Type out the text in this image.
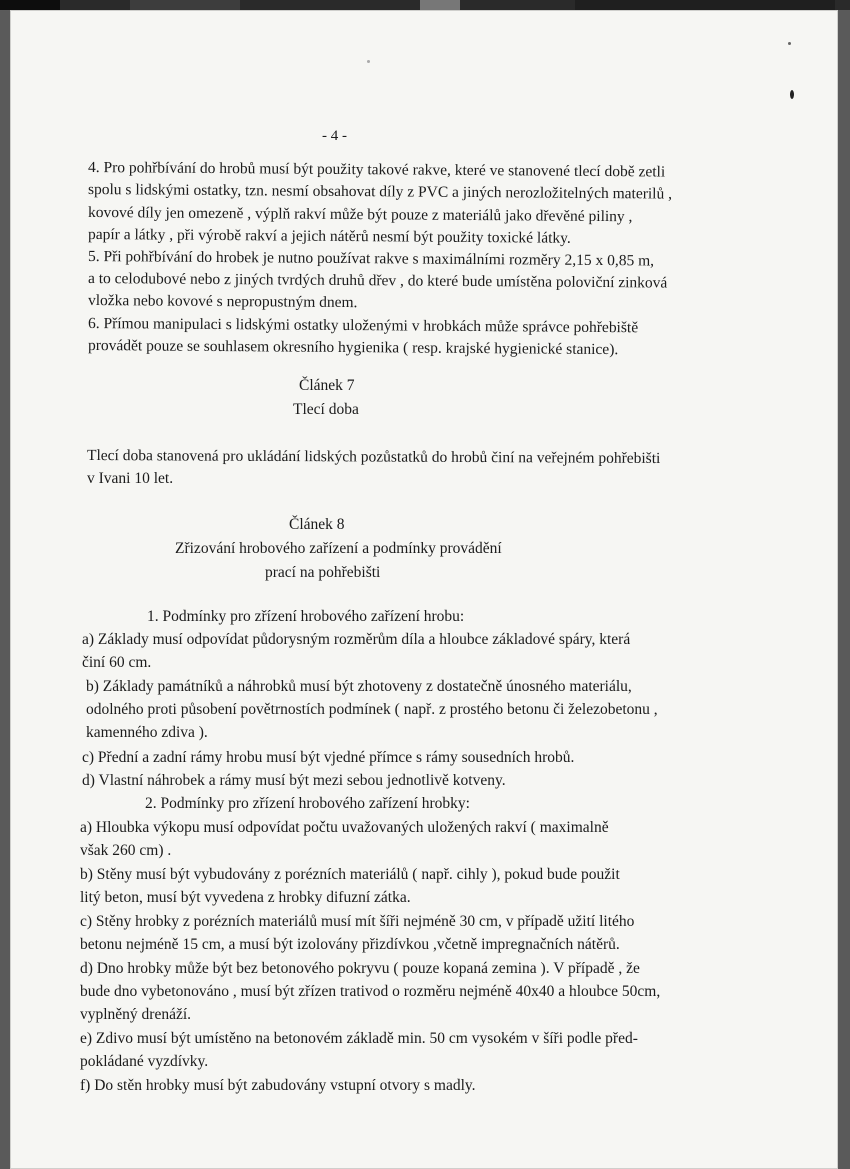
- 4 -
4. Pro pohřbívání do hrobů musí být použity takové rakve, které ve stanovené tlecí době zetli
spolu s lidskými ostatky, tzn. nesmí obsahovat díly z PVC a jiných nerozložitelných materilů ,
kovové díly jen omezeně , výplň rakví může být pouze z materiálů jako dřevěné piliny ,
papír a látky , při výrobě rakví a jejich nátěrů nesmí být použity toxické látky.
5. Při pohřbívání do hrobek je nutno používat rakve s maximálními rozměry 2,15 x 0,85 m,
a to celodubové nebo z jiných tvrdých druhů dřev , do které bude umístěna poloviční zinková
vložka nebo kovové s nepropustným dnem.
6. Přímou manipulaci s lidskými ostatky uloženými v hrobkách může správce pohřebiště
provádět pouze se souhlasem okresního hygienika ( resp. krajské hygienické stanice).
Článek 7
Tlecí doba
Tlecí doba stanovená pro ukládání lidských pozůstatků do hrobů činí na veřejném pohřebišti
v Ivani 10 let.
Článek 8
Zřizování hrobového zařízení a podmínky provádění
prací na pohřebišti
1. Podmínky pro zřízení hrobového zařízení hrobu:
a) Základy musí odpovídat půdorysným rozměrům díla a hloubce základové spáry, která
činí 60 cm.
b) Základy památníků a náhrobků musí být zhotoveny z dostatečně únosného materiálu,
odolného proti působení povětrnostích podmínek ( např. z prostého betonu či železobetonu ,
kamenného zdiva ).
c) Přední a zadní rámy hrobu musí být vjedné přímce s rámy sousedních hrobů.
d) Vlastní náhrobek a rámy musí být mezi sebou jednotlivě kotveny.
2. Podmínky pro zřízení hrobového zařízení hrobky:
a) Hloubka výkopu musí odpovídat počtu uvažovaných uložených rakví ( maximalně
však 260 cm) .
b) Stěny musí být vybudovány z porézních materiálů ( např. cihly ), pokud bude použit
litý beton, musí být vyvedena z hrobky difuzní zátka.
c) Stěny hrobky z porézních materiálů musí mít šíři nejméně 30 cm, v případě užití litého
betonu nejméně 15 cm, a musí být izolovány přizdívkou ,včetně impregnačních nátěrů.
d) Dno hrobky může být bez betonového pokryvu ( pouze kopaná zemina ). V případě , že
bude dno vybetonováno , musí být zřízen trativod o rozměru nejméně 40x40 a hloubce 50cm,
vyplněný drenáží.
e) Zdivo musí být umístěno na betonovém základě min. 50 cm vysokém v šíři podle před-
pokládané vyzdívky.
f) Do stěn hrobky musí být zabudovány vstupní otvory s madly.
